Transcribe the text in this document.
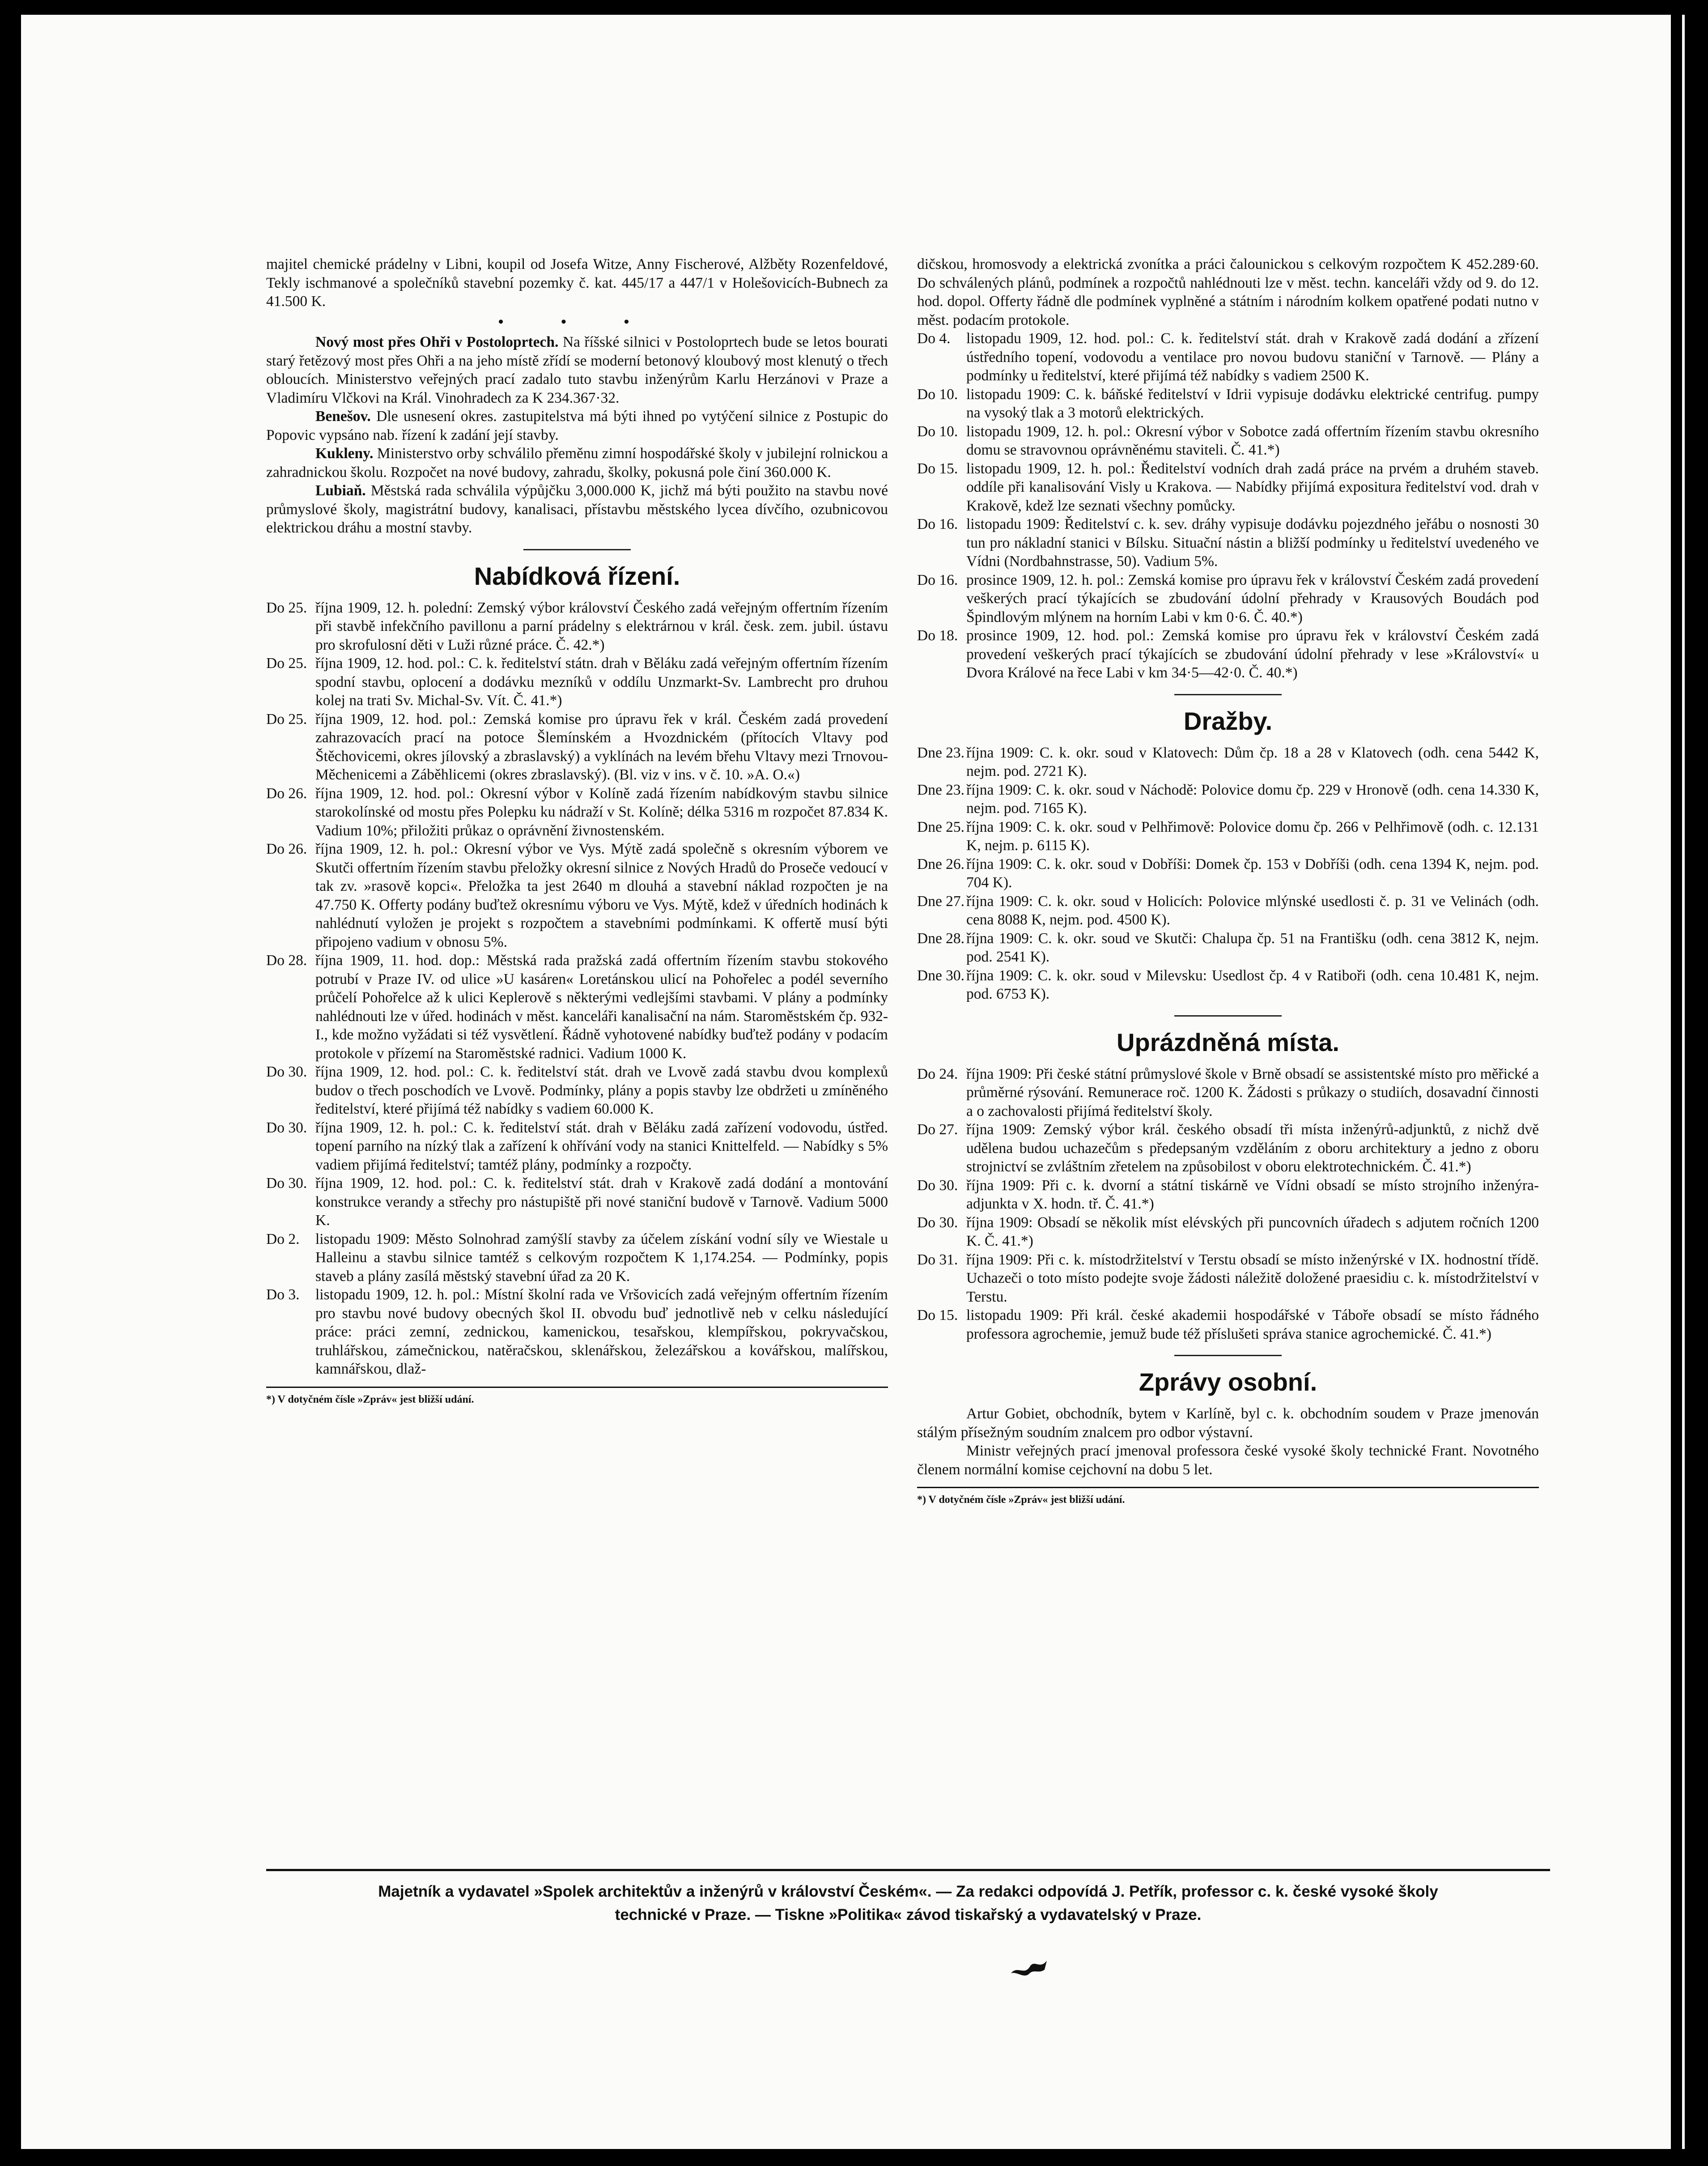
majitel chemické prádelny v Libni, koupil od Josefa Witze, Anny Fischerové, Alžběty Rozenfeldové, Tekly ischmanové a společníků stavební pozemky č. kat. 445/17 a 447/1 v Holešovicích-Bubnech za 41.500 K.

• • •

Nový most přes Ohři v Postoloprtech. Na říšské silnici v Postoloprtech bude se letos bourati starý řetězový most přes Ohři a na jeho místě zřídí se moderní betonový kloubový most klenutý o třech obloucích. Ministerstvo veřejných prací zadalo tuto stavbu inženýrům Karlu Herzánovi v Praze a Vladimíru Vlčkovi na Král. Vinohradech za K 234.367·32.

Benešov. Dle usnesení okres. zastupitelstva má býti ihned po vytýčení silnice z Postupic do Popovic vypsáno nab. řízení k zadání její stavby.

Kukleny. Ministerstvo orby schválilo přeměnu zimní hospodářské školy v jubilejní rolnickou a zahradnickou školu. Rozpočet na nové budovy, zahradu, školky, pokusná pole činí 360.000 K.

Lubiaň. Městská rada schválila výpůjčku 3,000.000 K, jichž má býti použito na stavbu nové průmyslové školy, magistrátní budovy, kanalisaci, přístavbu městského lycea dívčího, ozubnicovou elektrickou dráhu a mostní stavby.

Nabídková řízení.

Do 25. října 1909, 12. h. polední: Zemský výbor království Českého zadá veřejným offertním řízením při stavbě infekčního pavillonu a parní prádelny s elektrárnou v král. česk. zem. jubil. ústavu pro skrofulosní děti v Luži různé práce. Č. 42.*)

Do 25. října 1909, 12. hod. pol.: C. k. ředitelství státn. drah v Běláku zadá veřejným offertním řízením spodní stavbu, oplocení a dodávku mezníků v oddílu Unzmarkt-Sv. Lambrecht pro druhou kolej na trati Sv. Michal-Sv. Vít. Č. 41.*)

Do 25. října 1909, 12. hod. pol.: Zemská komise pro úpravu řek v král. Českém zadá provedení zahrazovacích prací na potoce Šlemínském a Hvozdnickém (přítocích Vltavy pod Štěchovicemi, okres jílovský a zbraslavský) a vyklínách na levém břehu Vltavy mezi Trnovou-Měchenicemi a Záběhlicemi (okres zbraslavský). (Bl. viz v ins. v č. 10. »A. O.«)

Do 26. října 1909, 12. hod. pol.: Okresní výbor v Kolíně zadá řízením nabídkovým stavbu silnice starokolínské od mostu přes Polepku ku nádraží v St. Kolíně; délka 5316 m rozpočet 87.834 K. Vadium 10%; přiložiti průkaz o oprávnění živnostenském.

Do 26. října 1909, 12. h. pol.: Okresní výbor ve Vys. Mýtě zadá společně s okresním výborem ve Skutči offertním řízením stavbu přeložky okresní silnice z Nových Hradů do Proseče vedoucí v tak zv. »rasově kopci«. Přeložka ta jest 2640 m dlouhá a stavební náklad rozpočten je na 47.750 K. Offerty podány buďtež okresnímu výboru ve Vys. Mýtě, kdež v úředních hodinách k nahlédnutí vyložen je projekt s rozpočtem a stavebními podmínkami. K offertě musí býti připojeno vadium v obnosu 5%.

Do 28. října 1909, 11. hod. dop.: Městská rada pražská zadá offertním řízením stavbu stokového potrubí v Praze IV. od ulice »U kasáren« Loretánskou ulicí na Pohořelec a podél severního průčelí Pohořelce až k ulici Keplerově s některými vedlejšími stavbami. V plány a podmínky nahlédnouti lze v úřed. hodinách v měst. kanceláři kanalisační na nám. Staroměstském čp. 932-I., kde možno vyžádati si též vysvětlení. Řádně vyhotovené nabídky buďtež podány v podacím protokole v přízemí na Staroměstské radnici. Vadium 1000 K.

Do 30. října 1909, 12. hod. pol.: C. k. ředitelství stát. drah ve Lvově zadá stavbu dvou komplexů budov o třech poschodích ve Lvově. Podmínky, plány a popis stavby lze obdržeti u zmíněného ředitelství, které přijímá též nabídky s vadiem 60.000 K.

Do 30. října 1909, 12. h. pol.: C. k. ředitelství stát. drah v Běláku zadá zařízení vodovodu, ústřed. topení parního na nízký tlak a zařízení k ohřívání vody na stanici Knittelfeld. — Nabídky s 5% vadiem přijímá ředitelství; tamtéž plány, podmínky a rozpočty.

Do 30. října 1909, 12. hod. pol.: C. k. ředitelství stát. drah v Krakově zadá dodání a montování konstrukce verandy a střechy pro nástupiště při nové staniční budově v Tarnově. Vadium 5000 K.

Do 2. listopadu 1909: Město Solnohrad zamýšlí stavby za účelem získání vodní síly ve Wiestale u Halleinu a stavbu silnice tamtéž s celkovým rozpočtem K 1,174.254. — Podmínky, popis staveb a plány zasílá městský stavební úřad za 20 K.

Do 3. listopadu 1909, 12. h. pol.: Místní školní rada ve Vršovicích zadá veřejným offertním řízením pro stavbu nové budovy obecných škol II. obvodu buď jednotlivě neb v celku následující práce: práci zemní, zednickou, kamenickou, tesařskou, klempířskou, pokryvačskou, truhlářskou, zámečnickou, natěračskou, sklenářskou, železářskou a kovářskou, malířskou, kamnářskou, dlaž-

*) V dotyčném čísle »Zpráv« jest bližší udání.

dičskou, hromosvody a elektrická zvonítka a práci čalounickou s celkovým rozpočtem K 452.289·60. Do schválených plánů, podmínek a rozpočtů nahlédnouti lze v měst. techn. kanceláři vždy od 9. do 12. hod. dopol. Offerty řádně dle podmínek vyplněné a státním i národním kolkem opatřené podati nutno v měst. podacím protokole.

Do 4. listopadu 1909, 12. hod. pol.: C. k. ředitelství stát. drah v Krakově zadá dodání a zřízení ústředního topení, vodovodu a ventilace pro novou budovu staniční v Tarnově. — Plány a podmínky u ředitelství, které přijímá též nabídky s vadiem 2500 K.

Do 10. listopadu 1909: C. k. báňské ředitelství v Idrii vypisuje dodávku elektrické centrifug. pumpy na vysoký tlak a 3 motorů elektrických.

Do 10. listopadu 1909, 12. h. pol.: Okresní výbor v Sobotce zadá offertním řízením stavbu okresního domu se stravovnou oprávněnému staviteli. Č. 41.*)

Do 15. listopadu 1909, 12. h. pol.: Ředitelství vodních drah zadá práce na prvém a druhém staveb. oddíle při kanalisování Visly u Krakova. — Nabídky přijímá expositura ředitelství vod. drah v Krakově, kdež lze seznati všechny pomůcky.

Do 16. listopadu 1909: Ředitelství c. k. sev. dráhy vypisuje dodávku pojezdného jeřábu o nosnosti 30 tun pro nákladní stanici v Bílsku. Situační nástin a bližší podmínky u ředitelství uvedeného ve Vídni (Nordbahnstrasse, 50). Vadium 5%.

Do 16. prosince 1909, 12. h. pol.: Zemská komise pro úpravu řek v království Českém zadá provedení veškerých prací týkajících se zbudování údolní přehrady v Krausových Boudách pod Špindlovým mlýnem na horním Labi v km 0·6. Č. 40.*)

Do 18. prosince 1909, 12. hod. pol.: Zemská komise pro úpravu řek v království Českém zadá provedení veškerých prací týkajících se zbudování údolní přehrady v lese »Království« u Dvora Králové na řece Labi v km 34·5—42·0. Č. 40.*)

Dražby.

Dne 23. října 1909: C. k. okr. soud v Klatovech: Dům čp. 18 a 28 v Klatovech (odh. cena 5442 K, nejm. pod. 2721 K).

Dne 23. října 1909: C. k. okr. soud v Náchodě: Polovice domu čp. 229 v Hronově (odh. cena 14.330 K, nejm. pod. 7165 K).

Dne 25. října 1909: C. k. okr. soud v Pelhřimově: Polovice domu čp. 266 v Pelhřimově (odh. c. 12.131 K, nejm. p. 6115 K).

Dne 26. října 1909: C. k. okr. soud v Dobříši: Domek čp. 153 v Dobříši (odh. cena 1394 K, nejm. pod. 704 K).

Dne 27. října 1909: C. k. okr. soud v Holicích: Polovice mlýnské usedlosti č. p. 31 ve Velinách (odh. cena 8088 K, nejm. pod. 4500 K).

Dne 28. října 1909: C. k. okr. soud ve Skutči: Chalupa čp. 51 na Františku (odh. cena 3812 K, nejm. pod. 2541 K).

Dne 30. října 1909: C. k. okr. soud v Milevsku: Usedlost čp. 4 v Ratiboři (odh. cena 10.481 K, nejm. pod. 6753 K).

Uprázdněná místa.

Do 24. října 1909: Při české státní průmyslové škole v Brně obsadí se assistentské místo pro měřické a průměrné rýsování. Remunerace roč. 1200 K. Žádosti s průkazy o studiích, dosavadní činnosti a o zachovalosti přijímá ředitelství školy.

Do 27. října 1909: Zemský výbor král. českého obsadí tři místa inženýrů-adjunktů, z nichž dvě udělena budou uchazečům s předepsaným vzděláním z oboru architektury a jedno z oboru strojnictví se zvláštním zřetelem na způsobilost v oboru elektrotechnickém. Č. 41.*)

Do 30. října 1909: Při c. k. dvorní a státní tiskárně ve Vídni obsadí se místo strojního inženýra-adjunkta v X. hodn. tř. Č. 41.*)

Do 30. října 1909: Obsadí se několik míst elévských při puncovních úřadech s adjutem ročních 1200 K. Č. 41.*)

Do 31. října 1909: Při c. k. místodržitelství v Terstu obsadí se místo inženýrské v IX. hodnostní třídě. Uchazeči o toto místo podejte svoje žádosti náležitě doložené praesidiu c. k. místodržitelství v Terstu.

Do 15. listopadu 1909: Při král. české akademii hospodářské v Táboře obsadí se místo řádného professora agrochemie, jemuž bude též příslušeti správa stanice agrochemické. Č. 41.*)

Zprávy osobní.

Artur Gobiet, obchodník, bytem v Karlíně, byl c. k. obchodním soudem v Praze jmenován stálým přísežným soudním znalcem pro odbor výstavní.

Ministr veřejných prací jmenoval professora české vysoké školy technické Frant. Novotného členem normální komise cejchovní na dobu 5 let.

*) V dotyčném čísle »Zpráv« jest bližší udání.
Majetník a vydavatel »Spolek architektův a inženýrů v království Českém«. — Za redakci odpovídá J. Petřík, professor c. k. české vysoké školy
technické v Praze. — Tiskne »Politika« závod tiskařský a vydavatelský v Praze.
